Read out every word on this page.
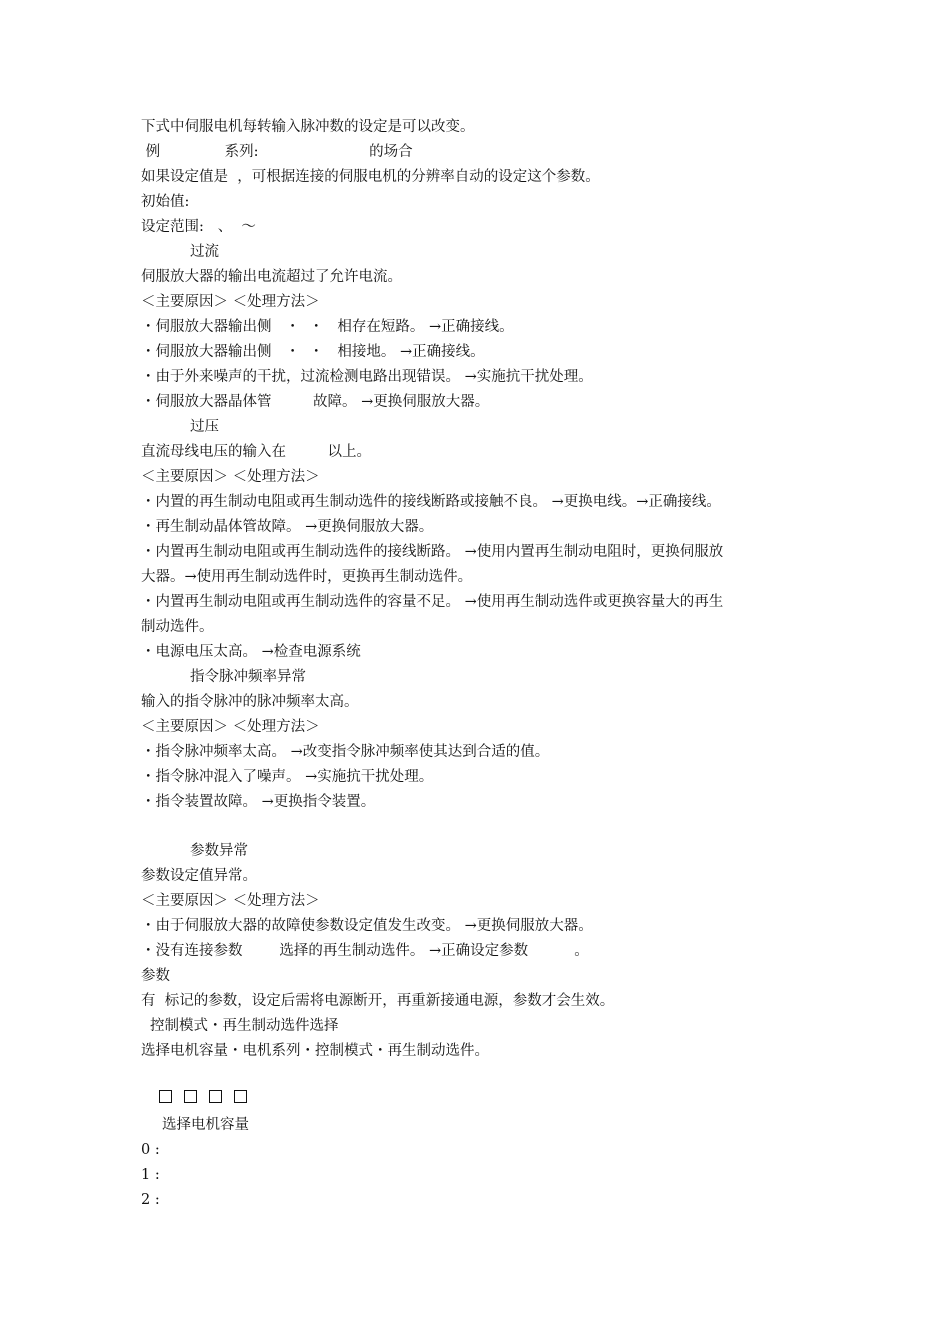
下式中伺服电机每转输入脉冲数的设定是可以改变。
例              系列:                        的场合
如果设定值是  ，可根据连接的伺服电机的分辨率自动的设定这个参数。
初始值:
设定范围:   、  ～
过流
伺服放大器的输出电流超过了允许电流。
＜主要原因＞ ＜处理方法＞
・伺服放大器输出侧   ・  ・   相存在短路。 →正确接线。
・伺服放大器输出侧   ・  ・   相接地。 →正确接线。
・由于外来噪声的干扰，过流检测电路出现错误。 →实施抗干扰处理。
・伺服放大器晶体管         故障。 →更换伺服放大器。
过压
直流母线电压的输入在         以上。
＜主要原因＞ ＜处理方法＞
・内置的再生制动电阻或再生制动选件的接线断路或接触不良。 →更换电线。→正确接线。
・再生制动晶体管故障。 →更换伺服放大器。
・内置再生制动电阻或再生制动选件的接线断路。 →使用内置再生制动电阻时，更换伺服放
大器。→使用再生制动选件时，更换再生制动选件。
・内置再生制动电阻或再生制动选件的容量不足。 →使用再生制动选件或更换容量大的再生
制动选件。
・电源电压太高。 →检查电源系统
指令脉冲频率异常
输入的指令脉冲的脉冲频率太高。
＜主要原因＞ ＜处理方法＞
・指令脉冲频率太高。 →改变指令脉冲频率使其达到合适的值。
・指令脉冲混入了噪声。 →实施抗干扰处理。
・指令装置故障。 →更换指令装置。
参数异常
参数设定值异常。
＜主要原因＞ ＜处理方法＞
・由于伺服放大器的故障使参数设定值发生改变。 →更换伺服放大器。
・没有连接参数        选择的再生制动选件。 →正确设定参数          。
参数
有  标记的参数，设定后需将电源断开，再重新接通电源，参数才会生效。
控制模式・再生制动选件选择
选择电机容量・电机系列・控制模式・再生制动选件。

选择电机容量
0 :
1 :
2 :
